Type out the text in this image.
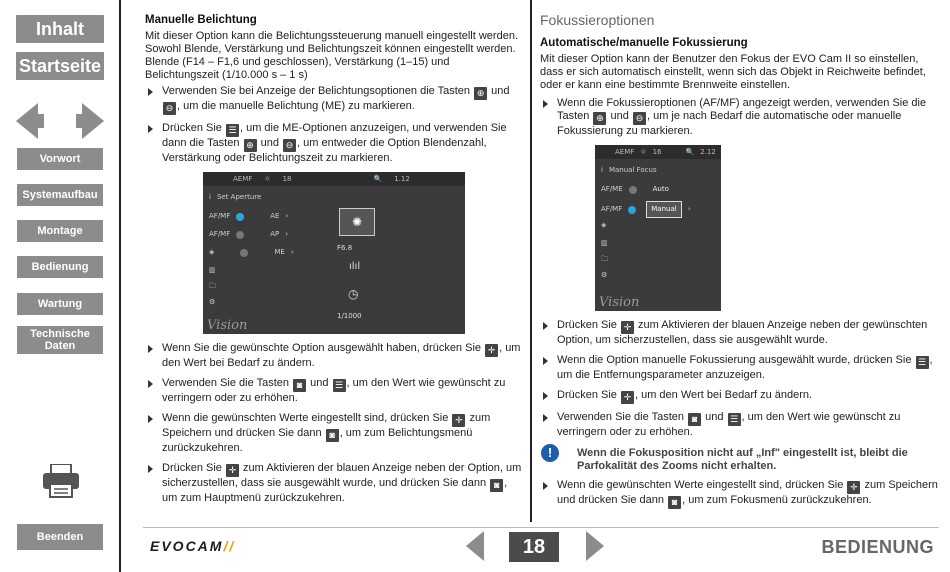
Inhalt
Startseite
Vorwort
Systemaufbau
Montage
Bedienung
Wartung
Technische Daten
Beenden
Manuelle Belichtung

Mit dieser Option kann die Belichtungssteuerung manuell eingestellt werden. Sowohl Blende, Verstärkung und Belichtungszeit können eingestellt werden. Blende (F14 – F1,6 und geschlossen), Verstärkung (1–15) und Belichtungszeit (1/10.000 s – 1 s)

Verwenden Sie bei Anzeige der Belichtungsoptionen die Tasten ⊕ und ⊖ , um die manuelle Belichtung (ME) zu markieren.
Drücken Sie ☰ , um die ME-Optionen anzuzeigen, und verwenden Sie dann die Tasten ⊕ und ⊖ , um entweder die Option Blendenzahl, Verstärkung oder Belichtungszeit zu markieren.
AEMF ☼ 18	🔍 1.12
i Set Aperture
AF/MF	AE ›
AF/MF	AP ›
◈	ME ›
▥
🗀
⚙
✺
F6.8
ılıl
◷
1/1000
Vision
Wenn Sie die gewünschte Option ausgewählt haben, drücken Sie ✛ , um den Wert bei Bedarf zu ändern.
Verwenden Sie die Tasten ◙ und ☰ , um den Wert wie gewünscht zu verringern oder zu erhöhen.
Wenn die gewünschten Werte eingestellt sind, drücken Sie ✛ zum Speichern und drücken Sie dann ◙ , um zum Belichtungsmenü zurückzukehren.
Drücken Sie ✛ zum Aktivieren der blauen Anzeige neben der Option, um sicherzustellen, dass sie ausgewählt wurde, und drücken Sie dann ◙ , um zum Hauptmenü zurückzukehren.
Fokussieroptionen
Automatische/manuelle Fokussierung

Mit dieser Option kann der Benutzer den Fokus der EVO Cam II so einstellen, dass er sich automatisch einstellt, wenn sich das Objekt in Reichweite befindet, oder er kann eine bestimmte Brennweite einstellen.

Wenn die Fokussieroptionen (AF/MF) angezeigt werden, verwenden Sie die Tasten ⊕ und ⊖ , um je nach Bedarf die automatische oder manuelle Fokussierung zu markieren.
AEMF ☼ 16	🔍 2.12
i Manual Focus
AF/ME	Auto
AF/MF	Manual	›
◈
▥
🗀
⚙
Vision
Drücken Sie ✛ zum Aktivieren der blauen Anzeige neben der gewünschten Option, um sicherzustellen, dass sie ausgewählt wurde.
Wenn die Option manuelle Fokussierung ausgewählt wurde, drücken Sie ☰ , um die Entfernungsparameter anzuzeigen.
Drücken Sie ✛ , um den Wert bei Bedarf zu ändern.
Verwenden Sie die Tasten ◙ und ☰ , um den Wert wie gewünscht zu verringern oder zu erhöhen.
!	Wenn die Fokusposition nicht auf „Inf" eingestellt ist, bleibt die Parfokalität des Zooms nicht erhalten.
Wenn die gewünschten Werte eingestellt sind, drücken Sie ✛ zum Speichern und drücken Sie dann ◙ , um zum Fokusmenü zurückzukehren.
EVOCAM//	18	BEDIENUNG
